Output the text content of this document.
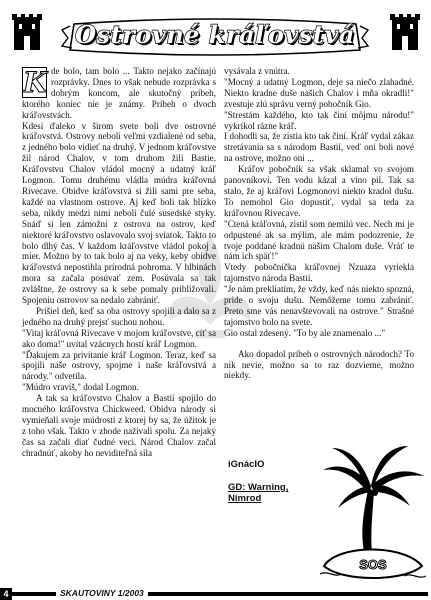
Ostrovné kráľovstvá
K de bolo, tam bolo ... Takto nejako začínajú rozprávky. Dnes to však nebude rozprávka s dobrým koncom, ale skutočný príbeh, ktorého koniec nie je známy. Príbeh o dvoch kráľovstvách.

Kdesi ďaleko v širom svete boli dve ostrovné kráľovstvá. Ostrovy neboli veľmi vzdialené od seba, z jedného bolo vidieť na druhý. V jednom kráľovstve žil národ Chalov, v tom druhom žili Bastie. Kráľovstvu Chalov vládol mocný a udatný kráľ Logmon. Tomu druhému vládla múdra kráľovná Rivecave. Obidve kráľovstvá si žili sami pre seba, každé na vlastnom ostrove. Aj keď boli tak blízko seba, nikdy medzi nimi neboli čulé susedské styky. Snáď si len zámožní z ostrova na ostrov, keď niektoré kráľovstvo oslavovalo svoj sviatok. Takto to bolo dlhý čas. V každom kráľovstve vládol pokoj a mier. Možno by to tak bolo aj na veky, keby obidve kráľovstvá nepostihla prírodná pohroma. V hlbinách mora sa začala posúvať zem. Posúvala sa tak zvláštne, že ostrovy sa k sebe pomaly približovali. Spojeniu ostrovov sa nedalo zabrániť.

Prišiel deň, keď sa oba ostrovy spojili a dalo sa z jedného na druhý prejsť suchou nohou.

"Vitaj kráľovná Rivecave v mojom kráľovstve, cíť sa ako doma!" uvítal vzácnych hostí kráľ Logmon.

"Ďakujem za privítanie kráľ Logmon. Teraz, keď sa spojili naše ostrovy, spojme i naše kráľovstvá a národy." odvetila.

"Múdro vravíš," dodal Logmon.

A tak sa kráľovstvo Chalov a Bastií spojilo do mocného kráľovstva Chickweed. Obidva národy si vymieňali svoje múdrosti z ktorej by sa, že úžitok je z toho však. Takto v zhode nažívali spolu. Za nejaký čas sa začali diať čudné veci. Národ Chalov začal chradnúť, akoby ho neviditeľná sila

vysávala z vnútra.

"Mocný a udatný Logmon, deje sa niečo zlahadné. Niekto kradne duše našich Chalov i mňa okradli!" zvestuje zlú správu verný pobočník Gio.

"Strestám každého, kto tak činí môjmu národu!" vykríkol rázne kráľ.

I dohodli sa, že zistia kto tak činí. Kráľ vydal zákaz stretávania sa s národom Bastií, veď oni boli nové na ostrove, možno oni ...

Kráľov pobočník sa však sklamal vo svojom panovníkovi. Ten vodu kázal a víno pil. Tak sa stalo, že aj kráľovi Logmonovi niekto kradol dušu. To nemohol Gio dopustiť, vydal sa teda za kráľovnou Rivecave.

"Ctená kráľovná, zistil som nemilú vec. Nech mi je odpustené ak sa mýlim, ale mám podozrenie, že tvoje poddané kradnú našim Chalom duše. Vráť te nám ich späť!"

Vtedy pobočníčka kráľovnej Nzuaza vyriekla tajomstvo národa Bastií.

"Je nám prekliatím, že vždy, keď nás niekto spozná, pride o svoju dušu. Nemôžeme tomu zabrániť. Preto sme vás nenavštevovali na ostrove." Strašné tajomstvo bolo na svete.

Gio ostal zdesený. "To by ale znamenalo ..."

Ako dopadol príbeh o ostrovných národoch? To nik nevie, možno sa to raz dozvieme, možno niekdy.

iGnácIO
GD: Warning,
Nimrod
SOS
4	SKAUTOVINY 1/2003
